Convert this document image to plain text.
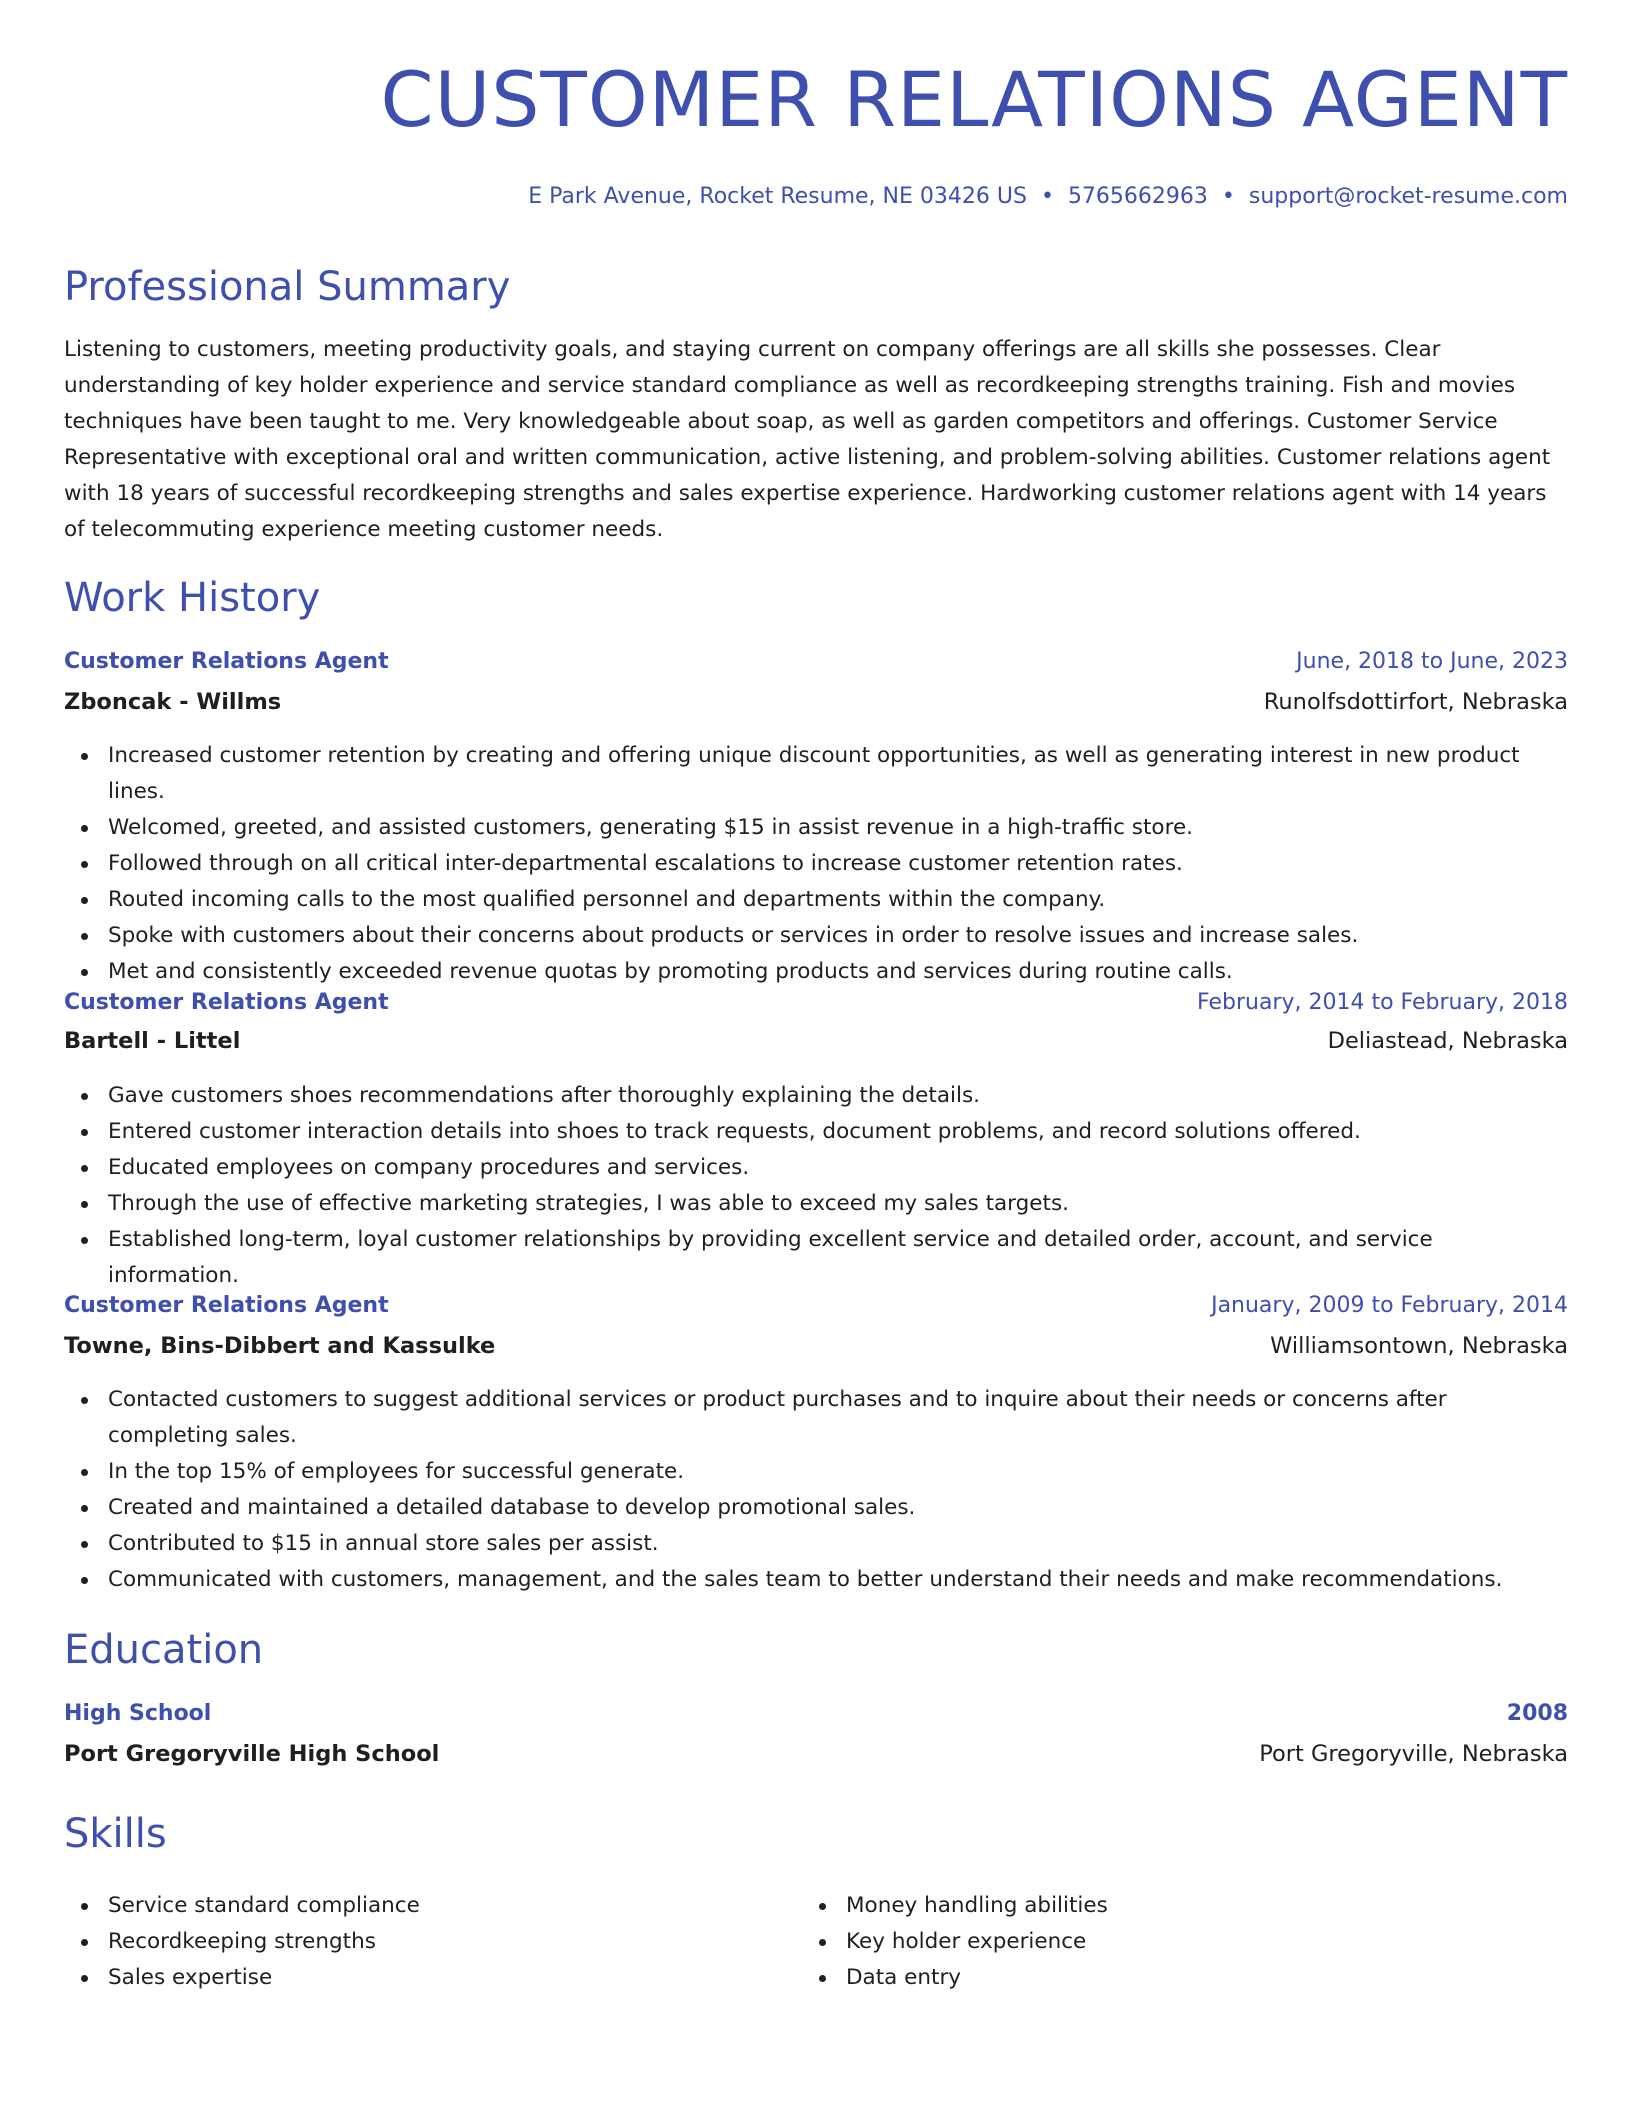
CUSTOMER RELATIONS AGENT

E Park Avenue, Rocket Resume, NE 03426 US • 5765662963 • support@rocket-resume.com

Professional Summary

Listening to customers, meeting productivity goals, and staying current on company offerings are all skills she possesses. Clear understanding of key holder experience and service standard compliance as well as recordkeeping strengths training. Fish and movies techniques have been taught to me. Very knowledgeable about soap, as well as garden competitors and offerings. Customer Service Representative with exceptional oral and written communication, active listening, and problem-solving abilities. Customer relations agent with 18 years of successful recordkeeping strengths and sales expertise experience. Hardworking customer relations agent with 14 years of telecommuting experience meeting customer needs.

Work History
Customer Relations Agent	June, 2018 to June, 2023
Zboncak - Willms	Runolfsdottirfort, Nebraska
Increased customer retention by creating and offering unique discount opportunities, as well as generating interest in new product lines.
Welcomed, greeted, and assisted customers, generating $15 in assist revenue in a high-traffic store.
Followed through on all critical inter-departmental escalations to increase customer retention rates.
Routed incoming calls to the most qualified personnel and departments within the company.
Spoke with customers about their concerns about products or services in order to resolve issues and increase sales.
Met and consistently exceeded revenue quotas by promoting products and services during routine calls.
Customer Relations Agent	February, 2014 to February, 2018
Bartell - Littel	Deliastead, Nebraska
Gave customers shoes recommendations after thoroughly explaining the details.
Entered customer interaction details into shoes to track requests, document problems, and record solutions offered.
Educated employees on company procedures and services.
Through the use of effective marketing strategies, I was able to exceed my sales targets.
Established long-term, loyal customer relationships by providing excellent service and detailed order, account, and service information.
Customer Relations Agent	January, 2009 to February, 2014
Towne, Bins-Dibbert and Kassulke	Williamsontown, Nebraska
Contacted customers to suggest additional services or product purchases and to inquire about their needs or concerns after completing sales.
In the top 15% of employees for successful generate.
Created and maintained a detailed database to develop promotional sales.
Contributed to $15 in annual store sales per assist.
Communicated with customers, management, and the sales team to better understand their needs and make recommendations.
Education
High School	2008
Port Gregoryville High School	Port Gregoryville, Nebraska
Skills
Service standard compliance
Recordkeeping strengths
Sales expertise
Money handling abilities
Key holder experience
Data entry
